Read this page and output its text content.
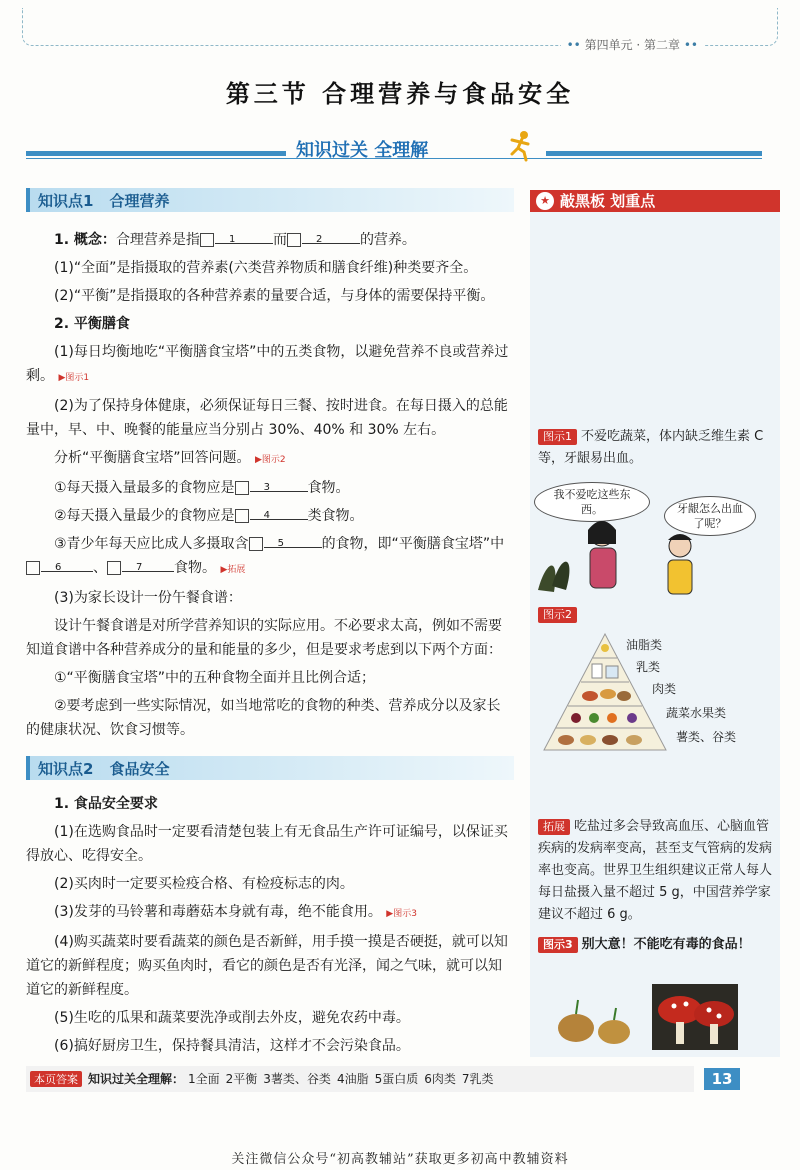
•• 第四单元 · 第二章 ••
第三节 合理营养与食品安全
知识过关 全理解
知识点1 合理营养

1. 概念：合理营养是指	1	而	2	的营养。

(1)“全面”是指摄取的营养素(六类营养物质和膳食纤维)种类要齐全。

(2)“平衡”是指摄取的各种营养素的量要合适，与身体的需要保持平衡。

2. 平衡膳食

(1)每日均衡地吃“平衡膳食宝塔”中的五类食物，以避免营养不良或营养过剩。 ▶图示1

(2)为了保持身体健康，必须保证每日三餐、按时进食。在每日摄入的总能量中，早、中、晚餐的能量应当分别占 30%、40% 和 30% 左右。

分析“平衡膳食宝塔”回答问题。 ▶图示2

①每天摄入量最多的食物应是	3	食物。

②每天摄入量最少的食物应是	4	类食物。

③青少年每天应比成人多摄取含	5	的食物，即“平衡膳食宝塔”中6 、	7 食物。 ▶拓展

(3)为家长设计一份午餐食谱：

设计午餐食谱是对所学营养知识的实际应用。不必要求太高，例如不需要知道食谱中各种营养成分的量和能量的多少，但是要求考虑到以下两个方面：

①“平衡膳食宝塔”中的五种食物全面并且比例合适；

②要考虑到一些实际情况，如当地常吃的食物的种类、营养成分以及家长的健康状况、饮食习惯等。

知识点2 食品安全

1. 食品安全要求

(1)在选购食品时一定要看清楚包装上有无食品生产许可证编号，以保证买得放心、吃得安全。

(2)买肉时一定要买检疫合格、有检疫标志的肉。

(3)发芽的马铃薯和毒蘑菇本身就有毒，绝不能食用。 ▶图示3

(4)购买蔬菜时要看蔬菜的颜色是否新鲜，用手摸一摸是否硬挺，就可以知道它的新鲜程度；购买鱼肉时，看它的颜色是否有光泽，闻之气味，就可以知道它的新鲜程度。

(5)生吃的瓜果和蔬菜要洗净或削去外皮，避免农药中毒。

(6)搞好厨房卫生，保持餐具清洁，这样才不会污染食品。

★ 敲黑板 划重点
图示1 不爱吃蔬菜，体内缺乏维生素 C 等，牙龈易出血。
我不爱吃这些东西。	牙龈怎么出血了呢？
图示2
油脂类
乳类
肉类
蔬菜水果类
薯类、谷类
拓展 吃盐过多会导致高血压、心脑血管疾病的发病率变高，甚至支气管病的发病率也变高。世界卫生组织建议正常人每人每日盐摄入量不超过 5 g，中国营养学家建议不超过 6 g。
图示3 别大意！不能吃有毒的食品！
本页答案 知识过关全理解： 1全面 2平衡 3薯类、谷类 4油脂 5蛋白质 6肉类 7乳类	13
关注微信公众号“初高教辅站”获取更多初高中教辅资料
